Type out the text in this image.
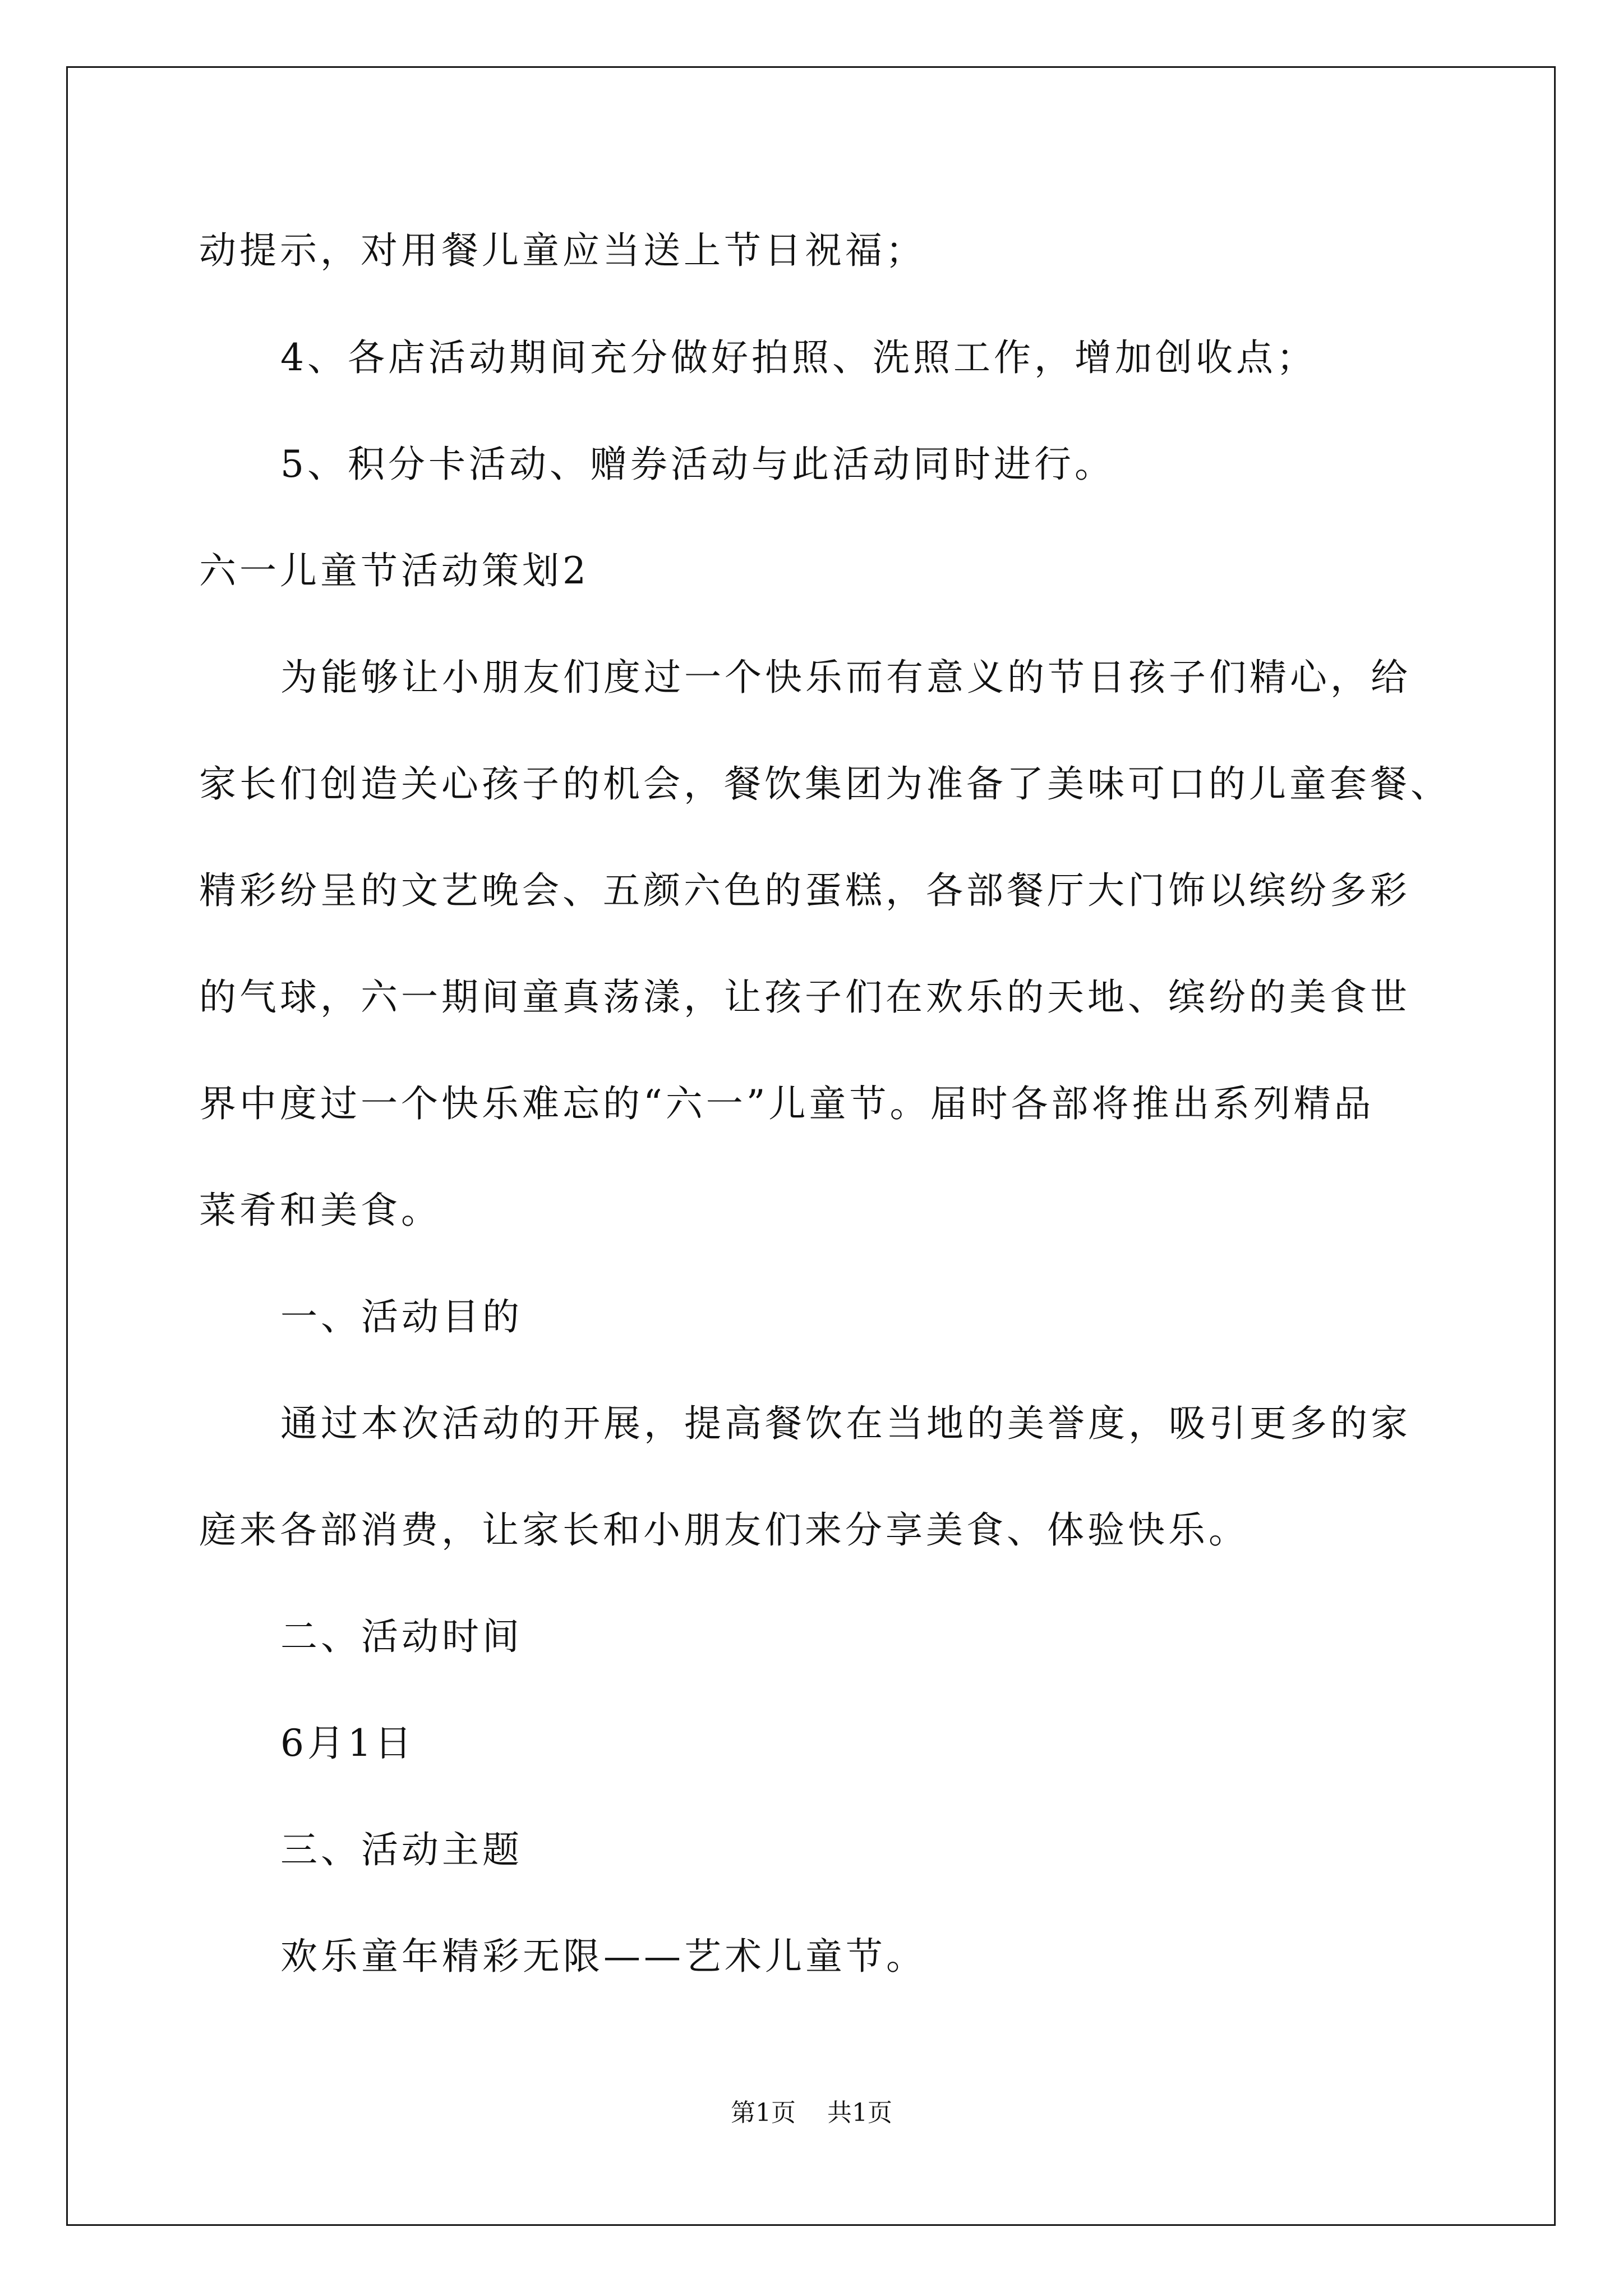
动提示，对用餐儿童应当送上节日祝福；
4、各店活动期间充分做好拍照、洗照工作，增加创收点；
5、积分卡活动、赠券活动与此活动同时进行。
六一儿童节活动策划2
为能够让小朋友们度过一个快乐而有意义的节日孩子们精心，给
家长们创造关心孩子的机会，餐饮集团为准备了美味可口的儿童套餐、
精彩纷呈的文艺晚会、五颜六色的蛋糕，各部餐厅大门饰以缤纷多彩
的气球，六一期间童真荡漾，让孩子们在欢乐的天地、缤纷的美食世
界中度过一个快乐难忘的“六一”儿童节。届时各部将推出系列精品
菜肴和美食。
一、活动目的
通过本次活动的开展，提高餐饮在当地的美誉度，吸引更多的家
庭来各部消费，让家长和小朋友们来分享美食、体验快乐。
二、活动时间
6月1日
三、活动主题
欢乐童年精彩无限——艺术儿童节。
第1页 共1页
